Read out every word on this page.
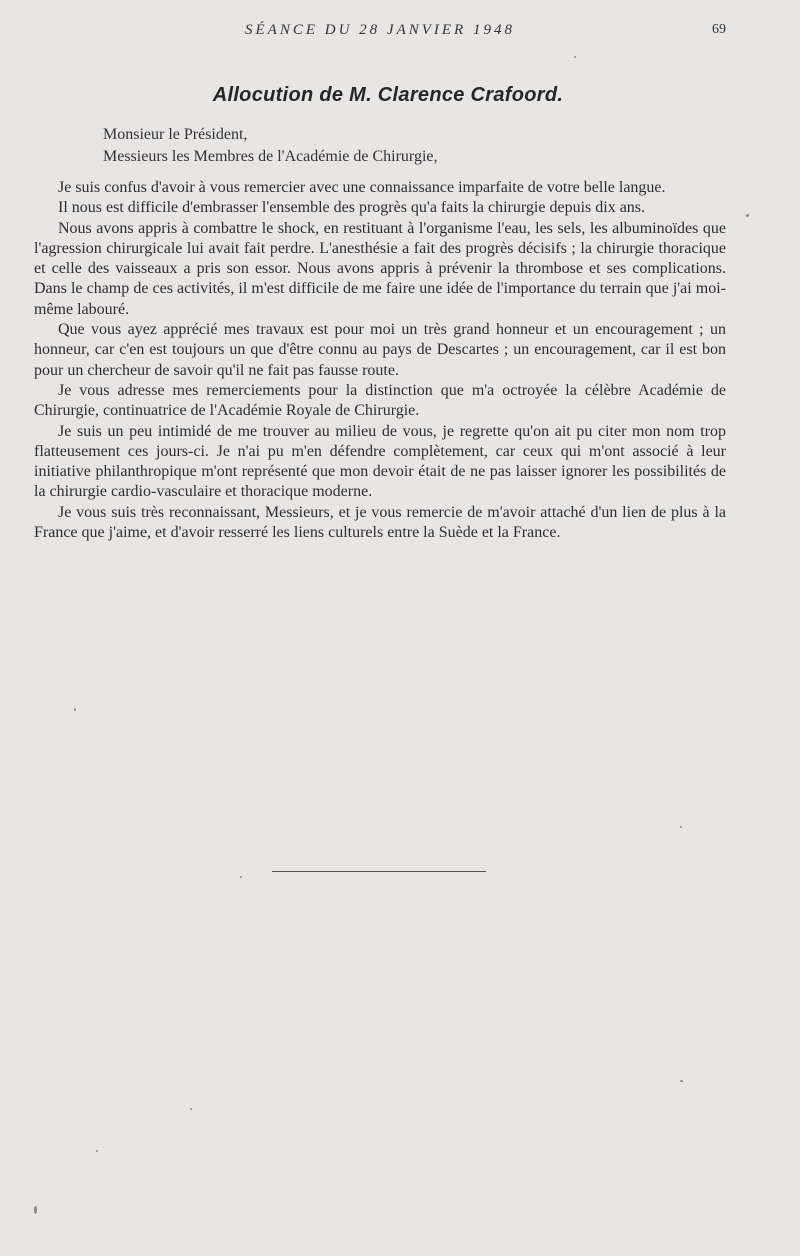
SÉANCE DU 28 JANVIER 1948	69
Allocution de M. Clarence Crafoord.
Monsieur le Président,
Messieurs les Membres de l'Académie de Chirurgie,

Je suis confus d'avoir à vous remercier avec une connaissance imparfaite de votre belle langue.

Il nous est difficile d'embrasser l'ensemble des progrès qu'a faits la chirurgie depuis dix ans.

Nous avons appris à combattre le shock, en restituant à l'organisme l'eau, les sels, les albuminoïdes que l'agression chirurgicale lui avait fait perdre. L'anesthésie a fait des progrès décisifs ; la chirurgie thoracique et celle des vaisseaux a pris son essor. Nous avons appris à prévenir la thrombose et ses complications. Dans le champ de ces activités, il m'est difficile de me faire une idée de l'importance du terrain que j'ai moi-même labouré.

Que vous ayez apprécié mes travaux est pour moi un très grand honneur et un encouragement ; un honneur, car c'en est toujours un que d'être connu au pays de Descartes ; un encouragement, car il est bon pour un chercheur de savoir qu'il ne fait pas fausse route.

Je vous adresse mes remerciements pour la distinction que m'a octroyée la célèbre Académie de Chirurgie, continuatrice de l'Académie Royale de Chirurgie.

Je suis un peu intimidé de me trouver au milieu de vous, je regrette qu'on ait pu citer mon nom trop flatteusement ces jours-ci. Je n'ai pu m'en défendre complètement, car ceux qui m'ont associé à leur initiative philanthropique m'ont représenté que mon devoir était de ne pas laisser ignorer les possibilités de la chirurgie cardio-vasculaire et thoracique moderne.

Je vous suis très reconnaissant, Messieurs, et je vous remercie de m'avoir attaché d'un lien de plus à la France que j'aime, et d'avoir resserré les liens culturels entre la Suède et la France.
